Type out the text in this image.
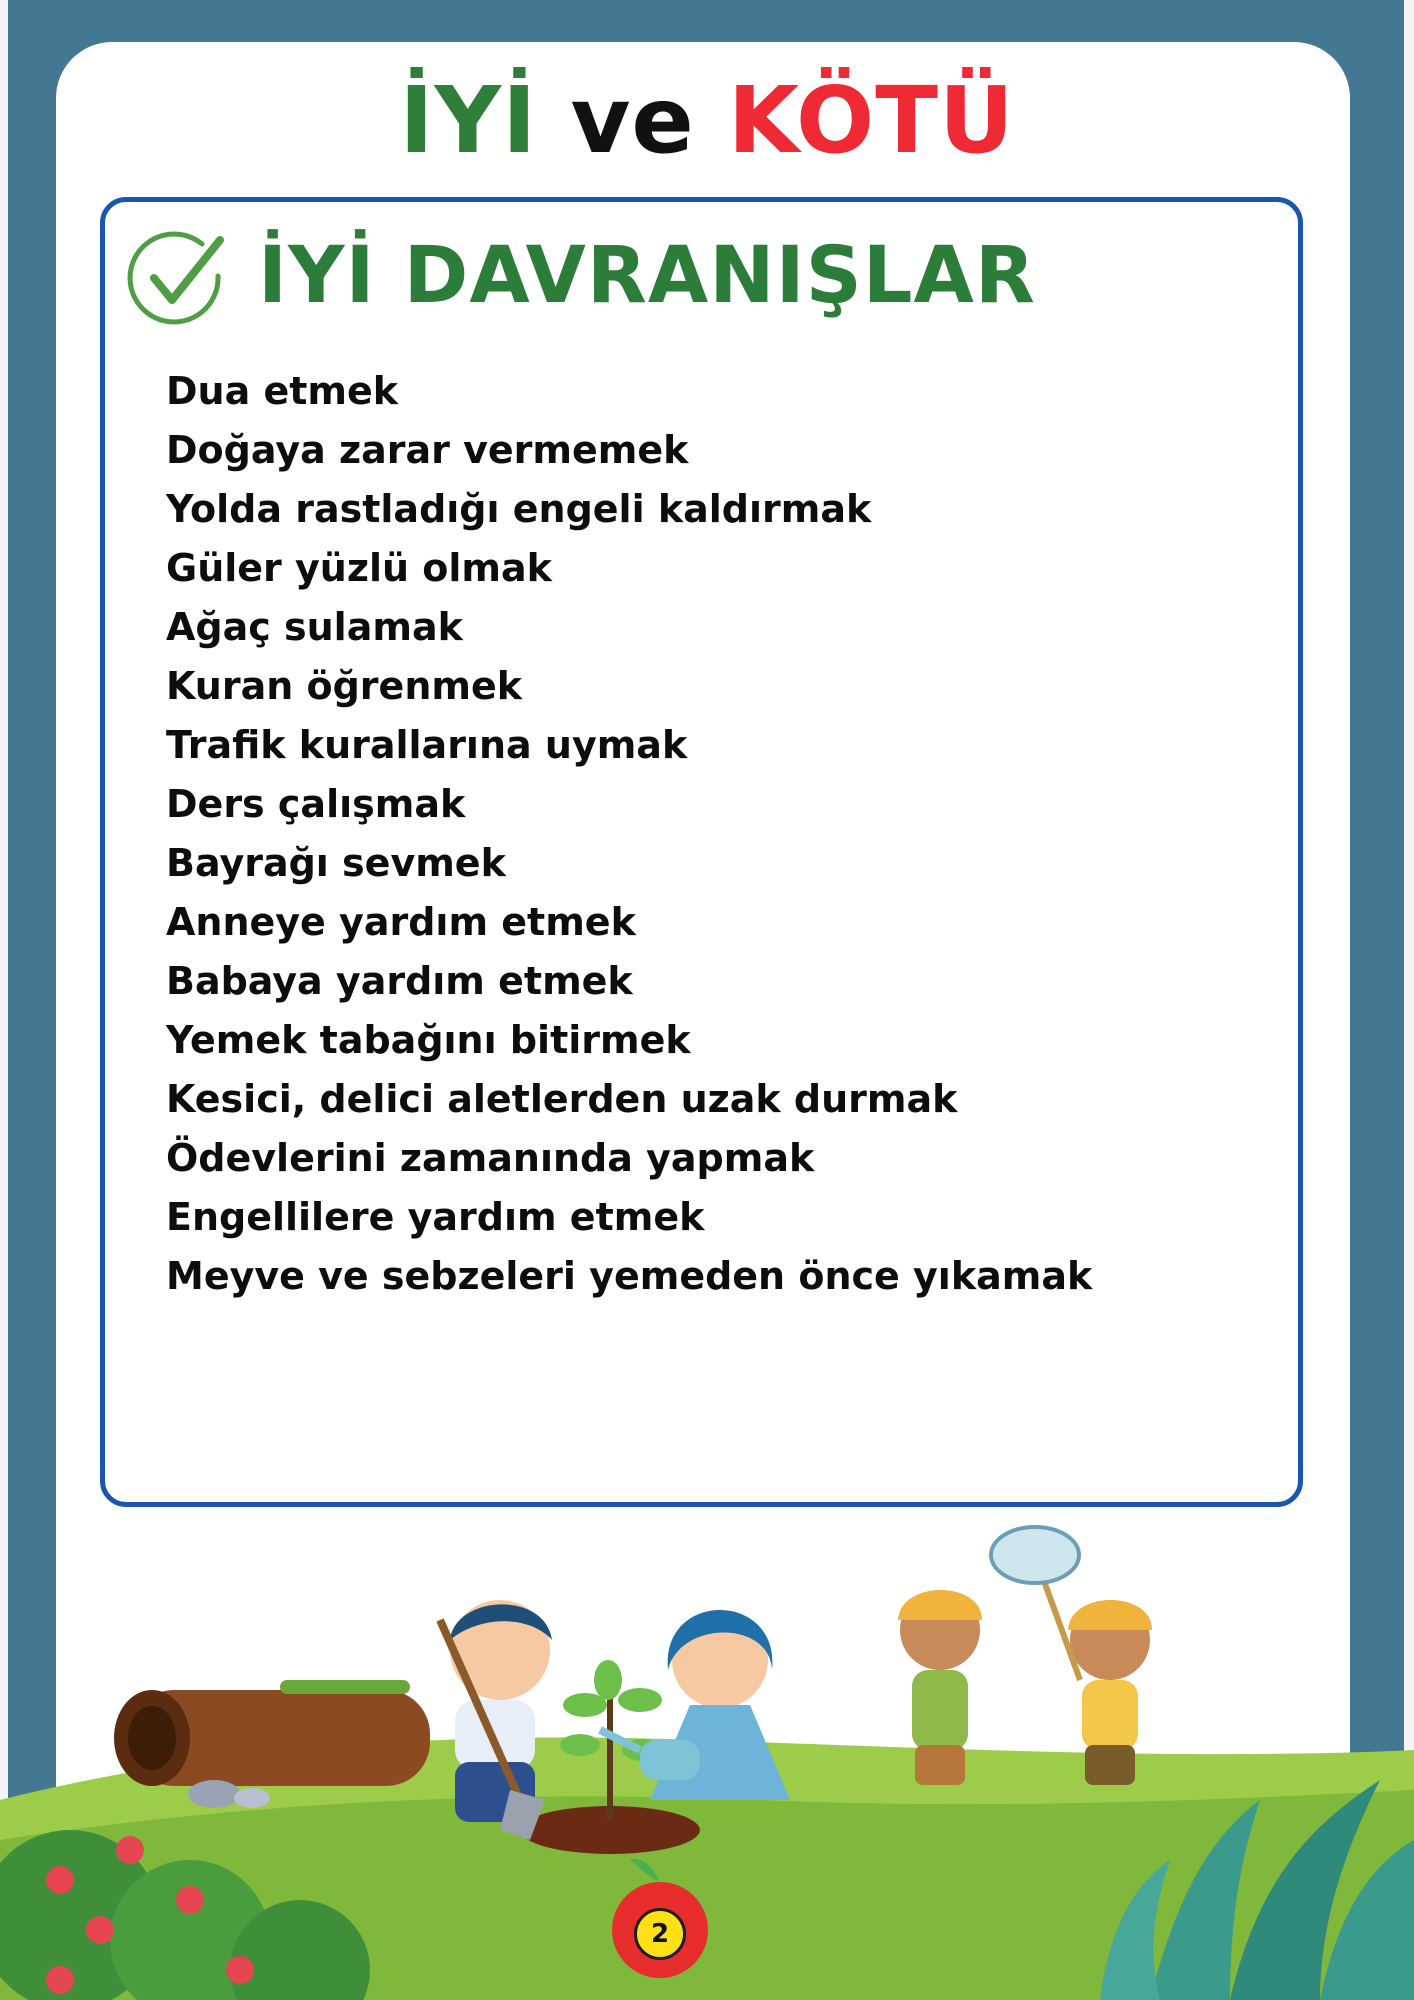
İYİ ve KÖTÜ
İYİ DAVRANIŞLAR
Dua etmek
Doğaya zarar vermemek
Yolda rastladığı engeli kaldırmak
Güler yüzlü olmak
Ağaç sulamak
Kuran öğrenmek
Trafik kurallarına uymak
Ders çalışmak
Bayrağı sevmek
Anneye yardım etmek
Babaya yardım etmek
Yemek tabağını bitirmek
Kesici, delici aletlerden uzak durmak
Ödevlerini zamanında yapmak
Engellilere yardım etmek
Meyve ve sebzeleri yemeden önce yıkamak
2
